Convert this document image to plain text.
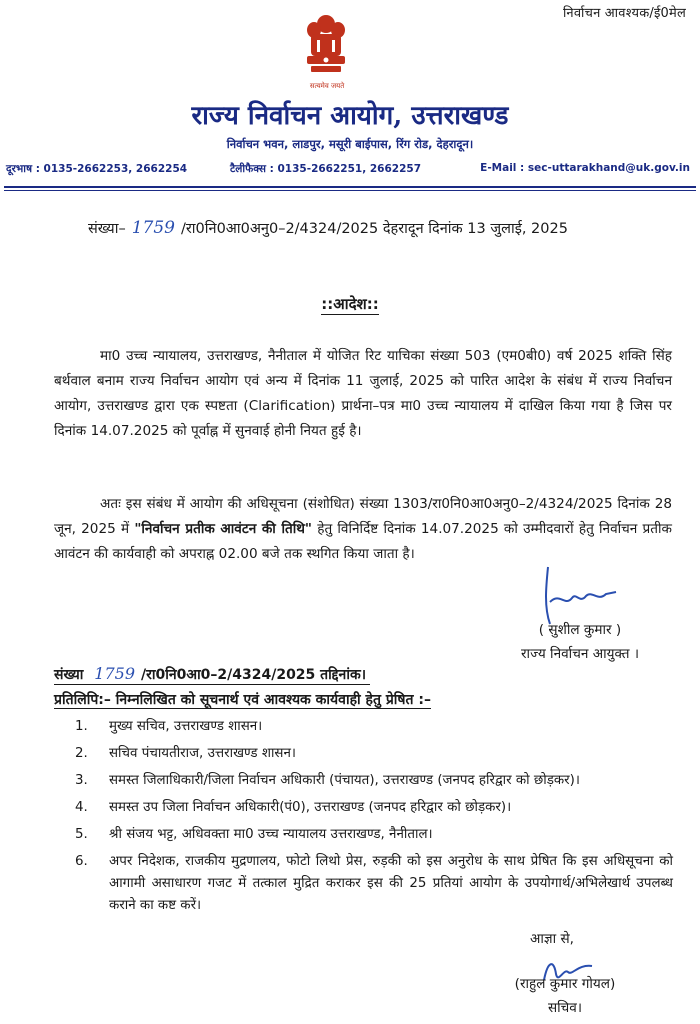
निर्वाचन आवश्यक/ई0मेल
सत्यमेव जयते
राज्य निर्वाचन आयोग, उत्तराखण्ड
निर्वाचन भवन, लाडपुर, मसूरी बाईपास, रिंग रोड, देहरादून।
दूरभाष : 0135-2662253, 2662254	टैलीफैक्स : 0135-2662251, 2662257	E-Mail : sec-uttarakhand@uk.gov.in
संख्या– 1759 /रा0नि0आ0अनु0–2/4324/2025 देहरादून दिनांक 13 जुलाई, 2025
::आदेश::
मा0 उच्च न्यायालय, उत्तराखण्ड, नैनीताल में योजित रिट याचिका संख्या 503 (एम0बी0) वर्ष 2025 शक्ति सिंह बर्थवाल बनाम राज्य निर्वाचन आयोग एवं अन्य में दिनांक 11 जुलाई, 2025 को पारित आदेश के संबंध में राज्य निर्वाचन आयोग, उत्तराखण्ड द्वारा एक स्पष्टता (Clarification) प्रार्थना–पत्र मा0 उच्च न्यायालय में दाखिल किया गया है जिस पर दिनांक 14.07.2025 को पूर्वाह्न में सुनवाई होनी नियत हुई है।
अतः इस संबंध में आयोग की अधिसूचना (संशोधित) संख्या 1303/रा0नि0आ0अनु0–2/4324/2025 दिनांक 28 जून, 2025 में "निर्वाचन प्रतीक आवंटन की तिथि" हेतु विनिर्दिष्ट दिनांक 14.07.2025 को उम्मीदवारों हेतु निर्वाचन प्रतीक आवंटन की कार्यवाही को अपराह्न 02.00 बजे तक स्थगित किया जाता है।
( सुशील कुमार )
राज्य निर्वाचन आयुक्त ।
संख्या 1759 /रा0नि0आ0–2/4324/2025 तद्दिनांक।
प्रतिलिपि:– निम्नलिखित को सूचनार्थ एवं आवश्यक कार्यवाही हेतु प्रेषित :–
1. मुख्य सचिव, उत्तराखण्ड शासन।
2. सचिव पंचायतीराज, उत्तराखण्ड शासन।
3. समस्त जिलाधिकारी/जिला निर्वाचन अधिकारी (पंचायत), उत्तराखण्ड (जनपद हरिद्वार को छोड़कर)।
4. समस्त उप जिला निर्वाचन अधिकारी(पं0), उत्तराखण्ड (जनपद हरिद्वार को छोड़कर)।
5. श्री संजय भट्ट, अधिवक्ता मा0 उच्च न्यायालय उत्तराखण्ड, नैनीताल।
6. अपर निदेशक, राजकीय मुद्रणालय, फोटो लिथो प्रेस, रुड़की को इस अनुरोध के साथ प्रेषित कि इस अधिसूचना को आगामी असाधारण गजट में तत्काल मुद्रित कराकर इस की 25 प्रतियां आयोग के उपयोगार्थ/अभिलेखार्थ उपलब्ध कराने का कष्ट करें।
आज्ञा से,
(राहुल कुमार गोयल)
सचिव।
